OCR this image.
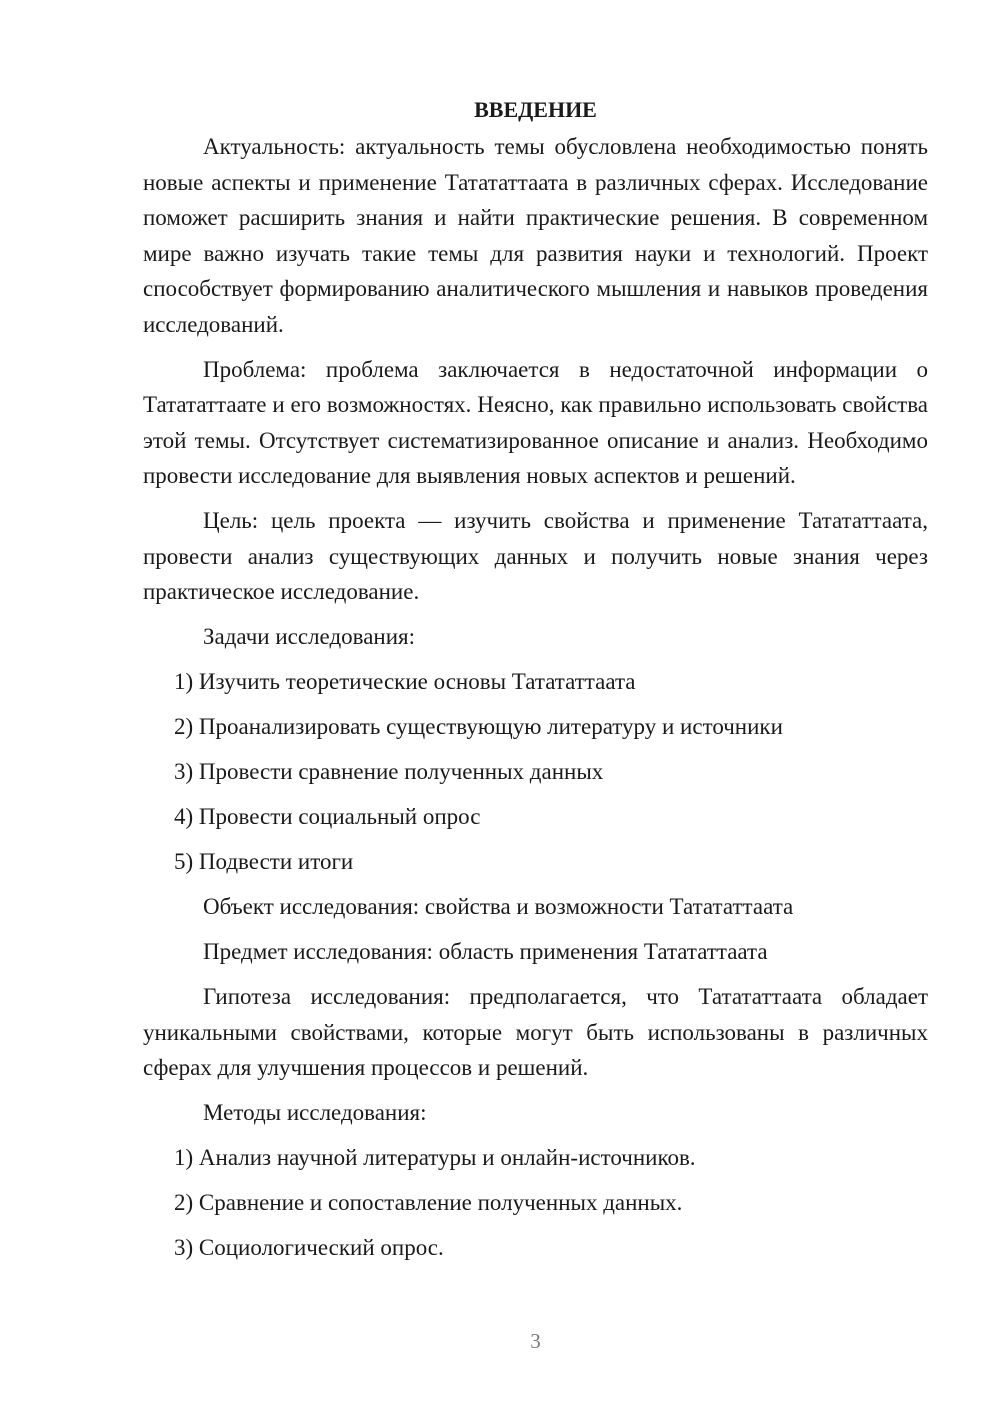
ВВЕДЕНИЕ
Актуальность: актуальность темы обусловлена необходимостью понять новые аспекты и применение Татататтаата в различных сферах. Исследование поможет расширить знания и найти практические решения. В современном мире важно изучать такие темы для развития науки и технологий. Проект способствует формированию аналитического мышления и навыков проведения исследований.
Проблема: проблема заключается в недостаточной информации о Татататтаате и его возможностях. Неясно, как правильно использовать свойства этой темы. Отсутствует систематизированное описание и анализ. Необходимо провести исследование для выявления новых аспектов и решений.
Цель: цель проекта — изучить свойства и применение Татататтаата, провести анализ существующих данных и получить новые знания через практическое исследование.
Задачи исследования:
1) Изучить теоретические основы Татататтаата
2) Проанализировать существующую литературу и источники
3) Провести сравнение полученных данных
4) Провести социальный опрос
5) Подвести итоги
Объект исследования: свойства и возможности Татататтаата
Предмет исследования: область применения Татататтаата
Гипотеза исследования: предполагается, что Татататтаата обладает уникальными свойствами, которые могут быть использованы в различных сферах для улучшения процессов и решений.
Методы исследования:
1) Анализ научной литературы и онлайн-источников.
2) Сравнение и сопоставление полученных данных.
3) Социологический опрос.
3
